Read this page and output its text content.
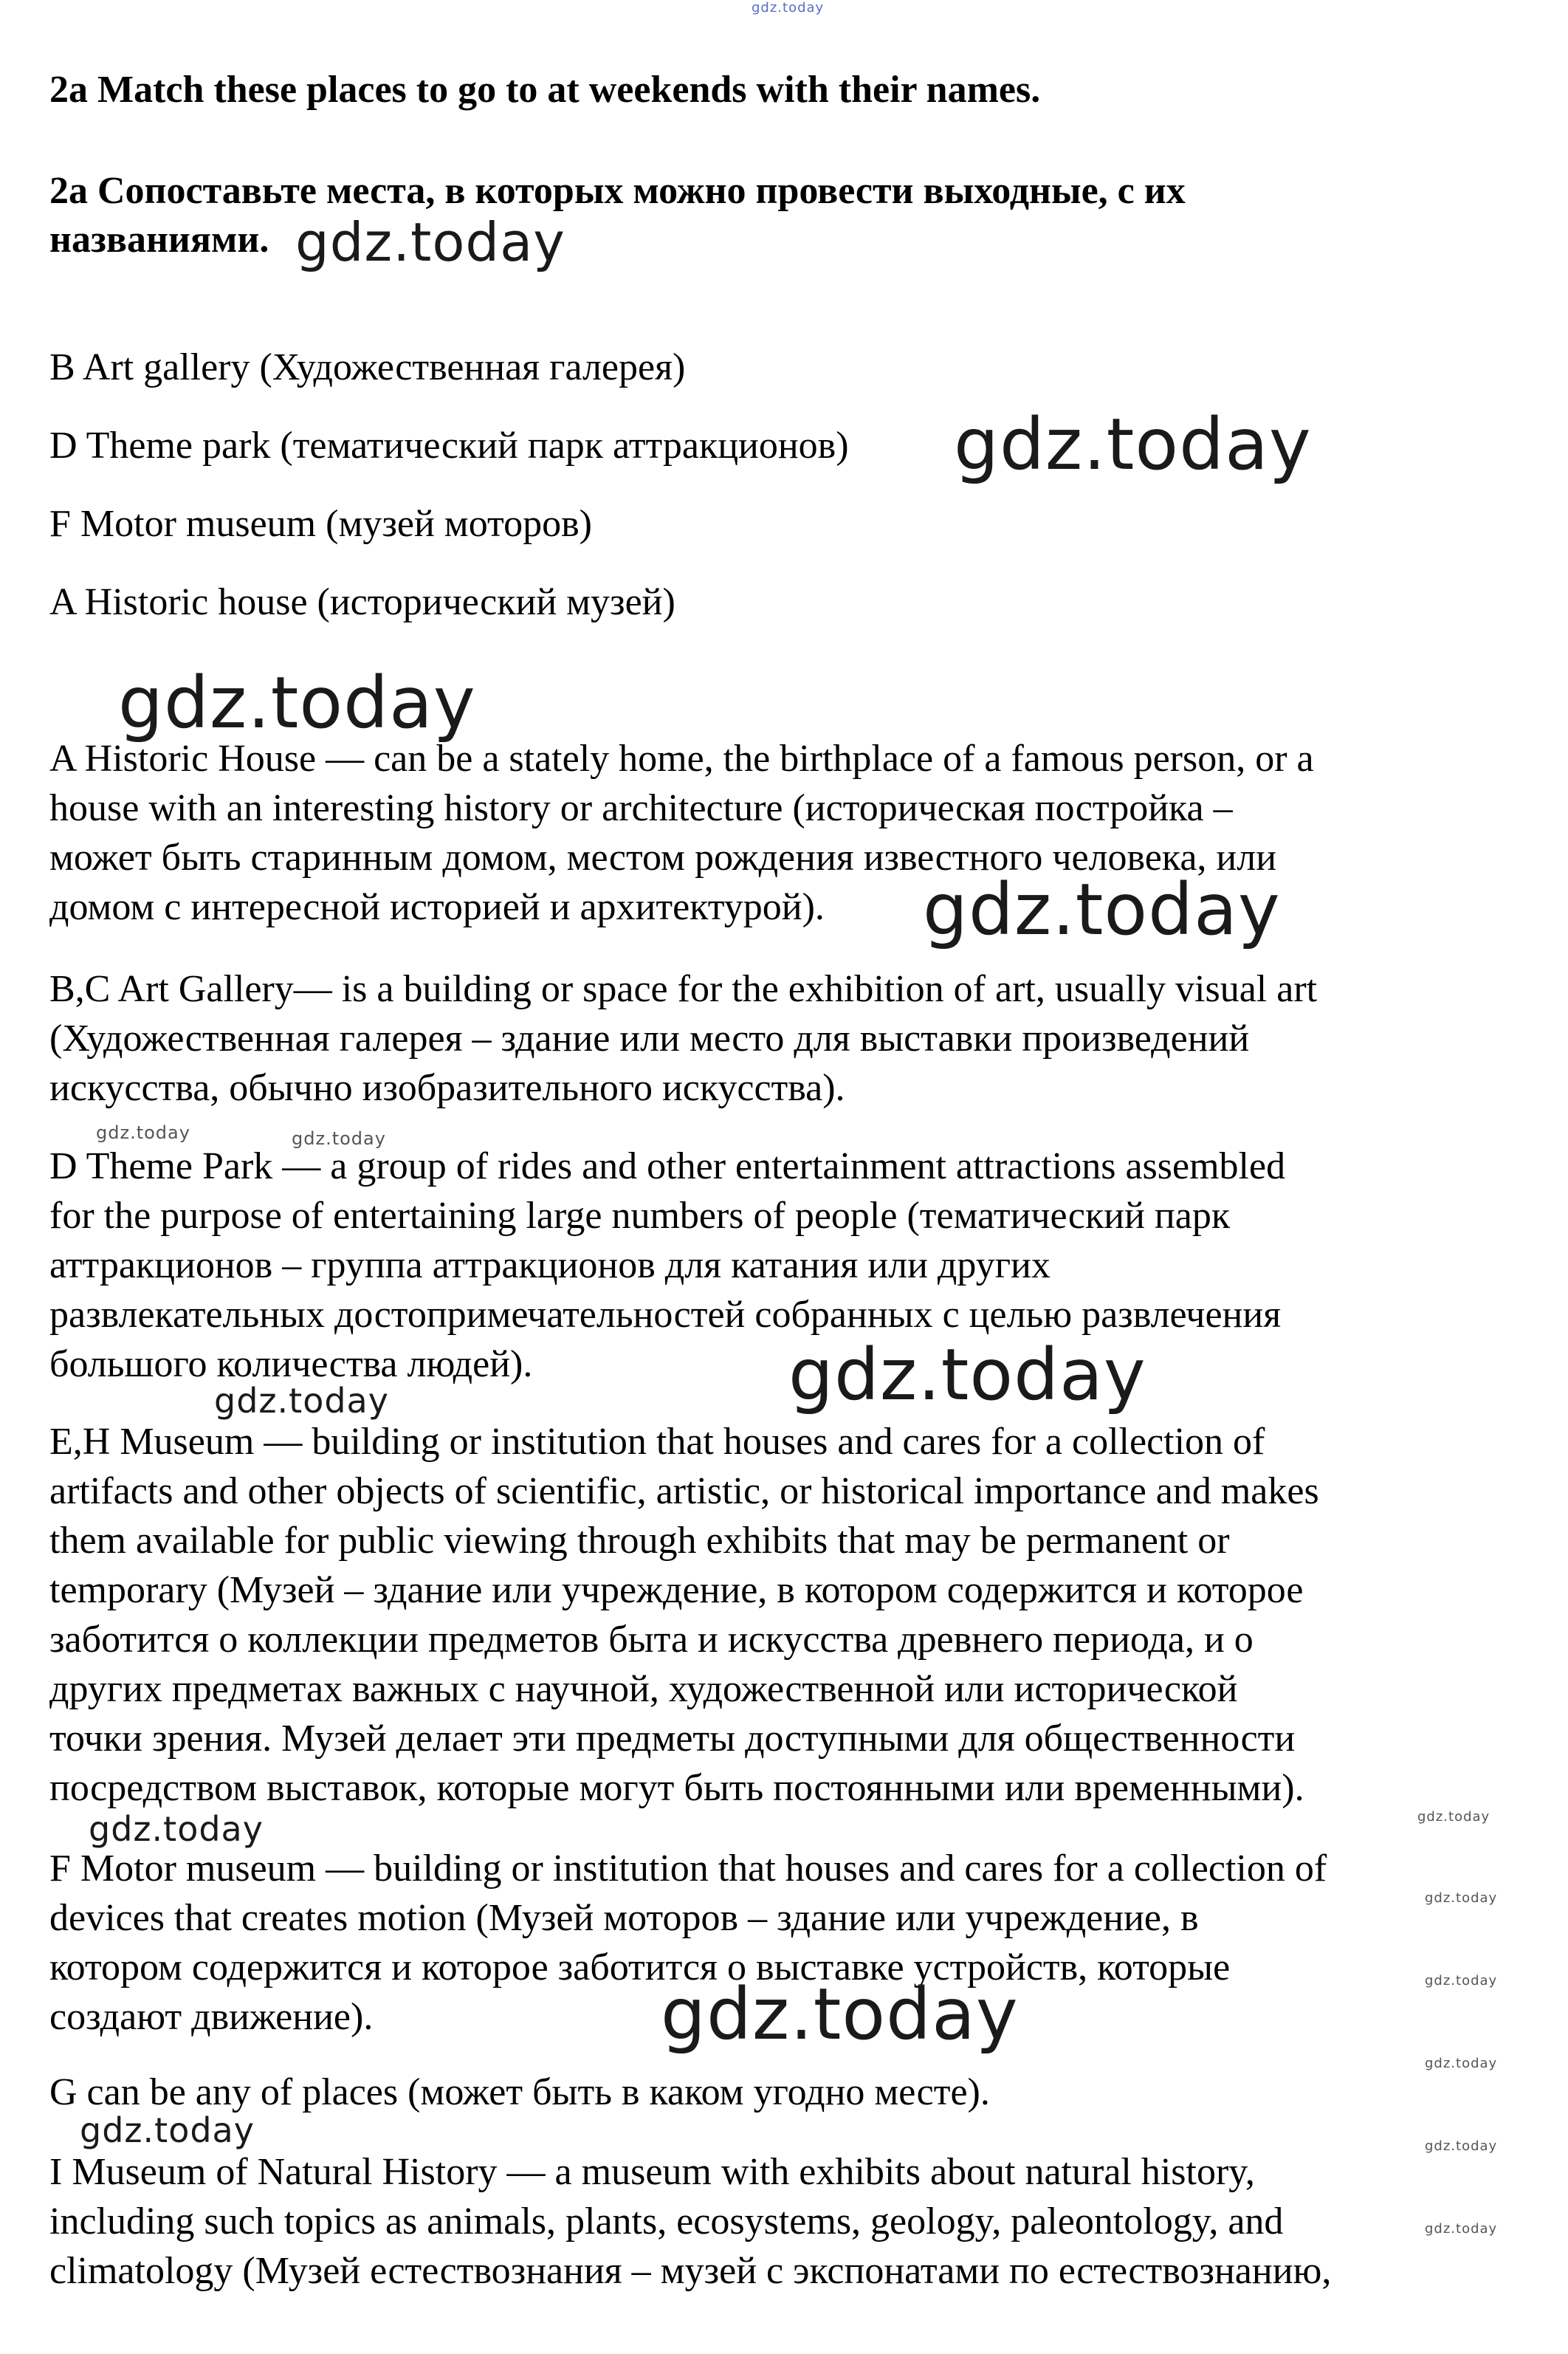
2a Match these places to go to at weekends with their names.
2a Сопоставьте места, в которых можно провести выходные, с их
названиями.
B Art gallery (Художественная галерея)
D Theme park (тематический парк аттракционов)
F Motor museum (музей моторов)
A Historic house (исторический музей)
A Historic House — can be a stately home, the birthplace of a famous person, or a
house with an interesting history or architecture (историческая постройка –
может быть старинным домом, местом рождения известного человека, или
домом с интересной историей и архитектурой).
B,C Art Gallery— is a building or space for the exhibition of art, usually visual art
(Художественная галерея – здание или место для выставки произведений
искусства, обычно изобразительного искусства).
D Theme Park — a group of rides and other entertainment attractions assembled
for the purpose of entertaining large numbers of people (тематический парк
аттракционов – группа аттракционов для катания или других
развлекательных достопримечательностей собранных с целью развлечения
большого количества людей).
E,H Museum — building or institution that houses and cares for a collection of
artifacts and other objects of scientific, artistic, or historical importance and makes
them available for public viewing through exhibits that may be permanent or
temporary (Музей – здание или учреждение, в котором содержится и которое
заботится о коллекции предметов быта и искусства древнего периода, и о
других предметах важных с научной, художественной или исторической
точки зрения. Музей делает эти предметы доступными для общественности
посредством выставок, которые могут быть постоянными или временными).
F Motor museum — building or institution that houses and cares for a collection of
devices that creates motion (Музей моторов – здание или учреждение, в
котором содержится и которое заботится о выставке устройств, которые
создают движение).
G can be any of places (может быть в каком угодно месте).
I Museum of Natural History — a museum with exhibits about natural history,
including such topics as animals, plants, ecosystems, geology, paleontology, and
climatology (Музей естествознания – музей с экспонатами по естествознанию,
gdz.today
gdz.today
gdz.today
gdz.today
gdz.today
gdz.today	gdz.today
gdz.today
gdz.today
gdz.today
gdz.today
gdz.today
gdz.today
gdz.today
gdz.today
gdz.today	gdz.today
gdz.today
